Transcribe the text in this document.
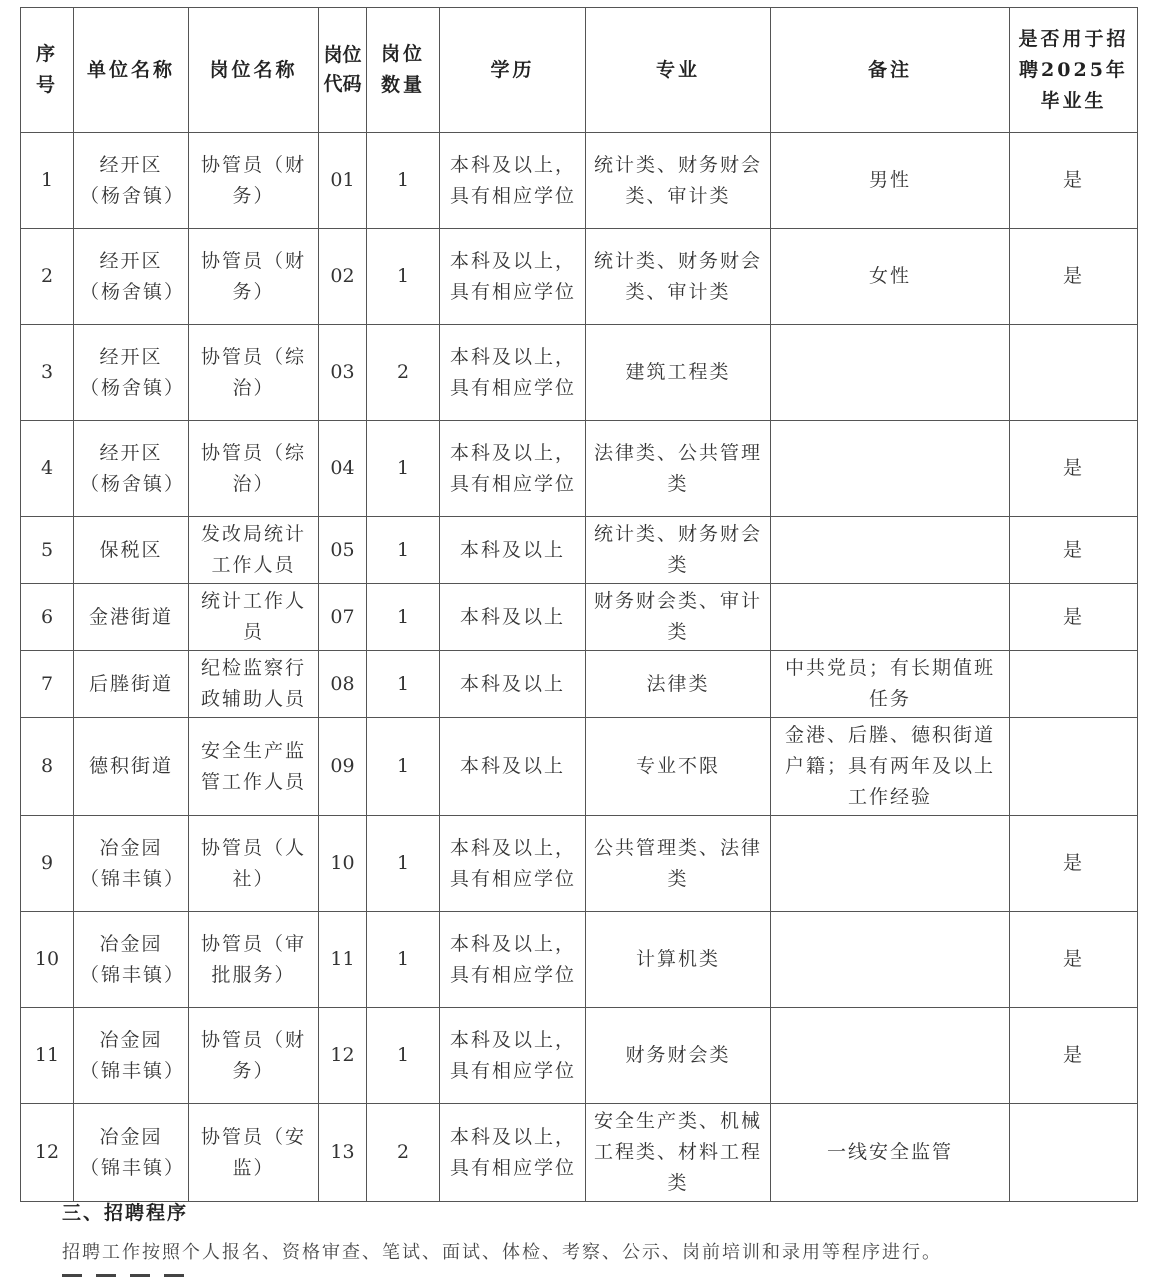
序号	单位名称	岗位名称	岗位代码	岗位数量	学历	专业	备注	是否用于招聘2025年毕业生
1	经开区（杨舍镇）	协管员（财务）	01	1	本科及以上，具有相应学位	统计类、财务财会类、审计类	男性	是
2	经开区（杨舍镇）	协管员（财务）	02	1	本科及以上，具有相应学位	统计类、财务财会类、审计类	女性	是
3	经开区（杨舍镇）	协管员（综治）	03	2	本科及以上，具有相应学位	建筑工程类		
4	经开区（杨舍镇）	协管员（综治）	04	1	本科及以上，具有相应学位	法律类、公共管理类		是
5	保税区	发改局统计工作人员	05	1	本科及以上	统计类、财务财会类		是
6	金港街道	统计工作人员	07	1	本科及以上	财务财会类、审计类		是
7	后塍街道	纪检监察行政辅助人员	08	1	本科及以上	法律类	中共党员；有长期值班任务	
8	德积街道	安全生产监管工作人员	09	1	本科及以上	专业不限	金港、后塍、德积街道户籍；具有两年及以上工作经验	
9	冶金园（锦丰镇）	协管员（人社）	10	1	本科及以上，具有相应学位	公共管理类、法律类		是
10	冶金园（锦丰镇）	协管员（审批服务）	11	1	本科及以上，具有相应学位	计算机类		是
11	冶金园（锦丰镇）	协管员（财务）	12	1	本科及以上，具有相应学位	财务财会类		是
12	冶金园（锦丰镇）	协管员（安监）	13	2	本科及以上，具有相应学位	安全生产类、机械工程类、材料工程类	一线安全监管	
三、招聘程序

招聘工作按照个人报名、资格审查、笔试、面试、体检、考察、公示、岗前培训和录用等程序进行。
